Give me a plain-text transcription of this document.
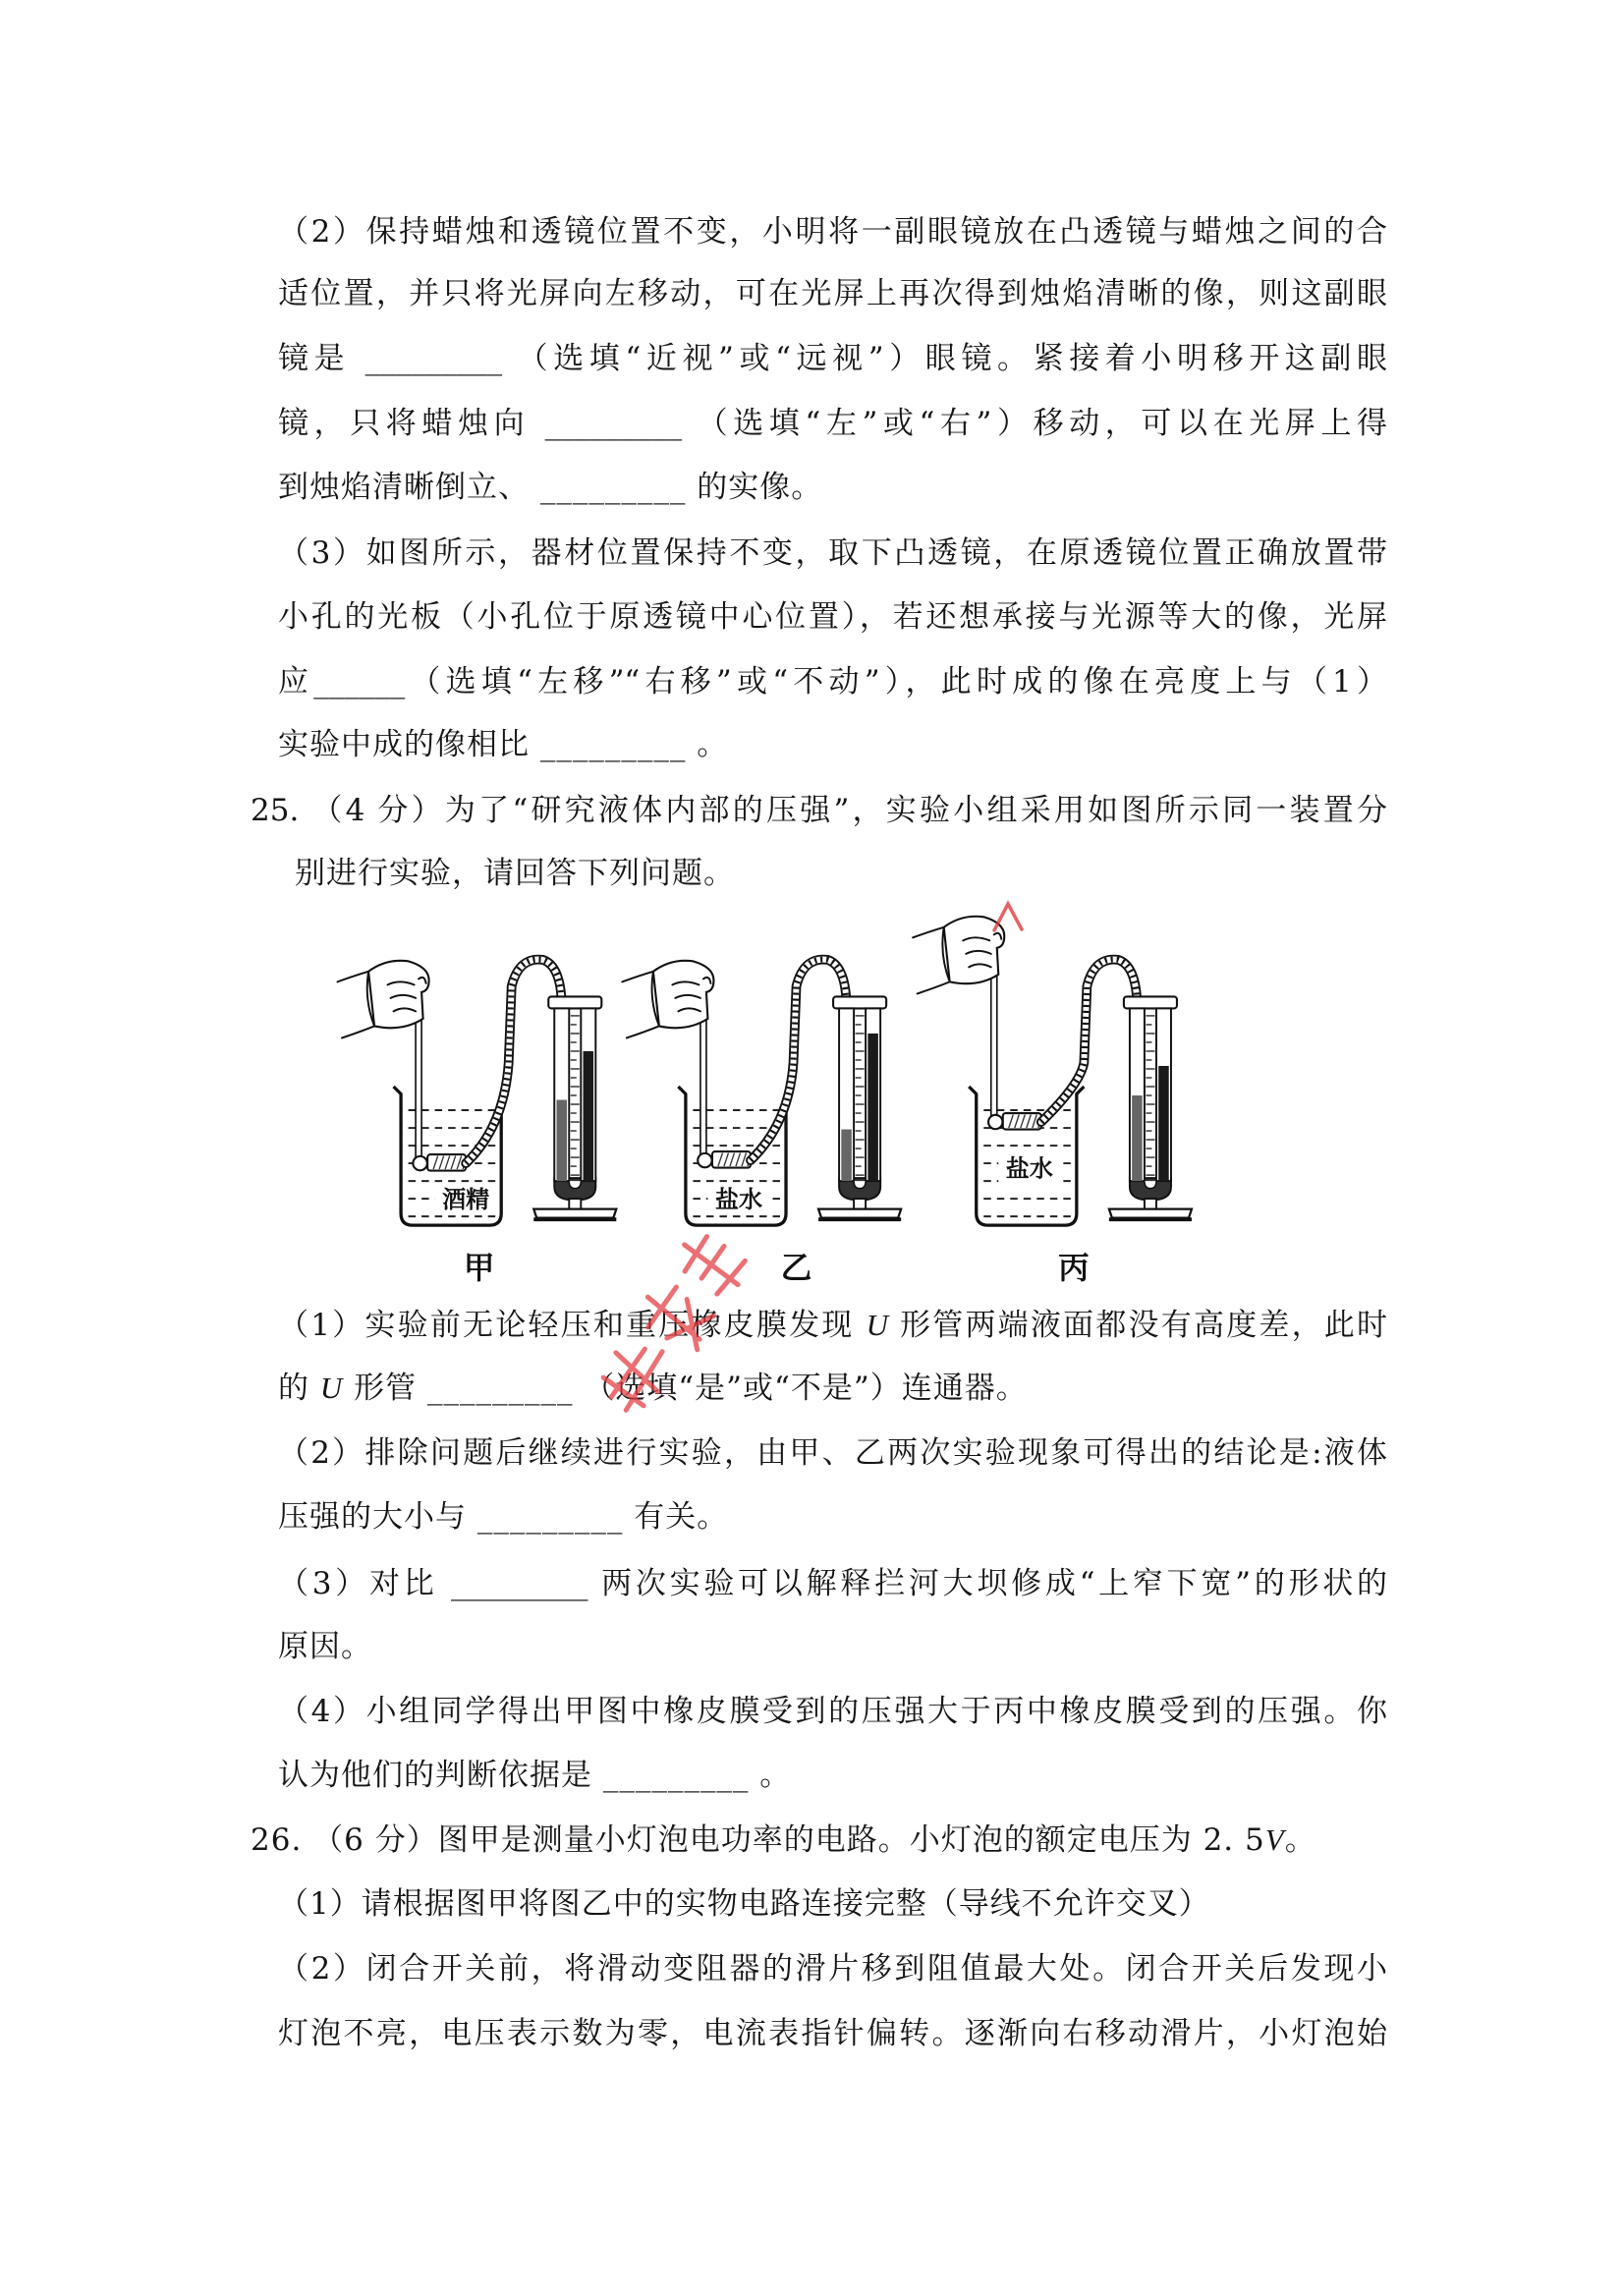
（2）保持蜡烛和透镜位置不变，小明将一副眼镜放在凸透镜与蜡烛之间的合
适位置，并只将光屏向左移动，可在光屏上再次得到烛焰清晰的像，则这副眼
镜是 _________ （选填“近视”或“远视”）眼镜。紧接着小明移开这副眼
镜，只将蜡烛向 _________ （选填“左”或“右”）移动，可以在光屏上得
到烛焰清晰倒立、 _________ 的实像。
（3）如图所示，器材位置保持不变，取下凸透镜，在原透镜位置正确放置带
小孔的光板（小孔位于原透镜中心位置），若还想承接与光源等大的像，光屏
应______（选填“左移”“右移”或“不动”），此时成的像在亮度上与（1）
实验中成的像相比 _________ 。
25. （4 分）为了“研究液体内部的压强”，实验小组采用如图所示同一装置分
别进行实验，请回答下列问题。
酒精
甲
盐水
乙
盐水
丙
（1）实验前无论轻压和重压橡皮膜发现 U 形管两端液面都没有高度差，此时
的 U 形管 _________ （选填“是”或“不是”）连通器。
（2）排除问题后继续进行实验，由甲、乙两次实验现象可得出的结论是:液体
压强的大小与 _________ 有关。
（3）对比 _________ 两次实验可以解释拦河大坝修成“上窄下宽”的形状的
原因。
（4）小组同学得出甲图中橡皮膜受到的压强大于丙中橡皮膜受到的压强。你
认为他们的判断依据是 _________ 。
26. （6 分）图甲是测量小灯泡电功率的电路。小灯泡的额定电压为 2. 5V。
（1）请根据图甲将图乙中的实物电路连接完整（导线不允许交叉）
（2）闭合开关前，将滑动变阻器的滑片移到阻值最大处。闭合开关后发现小
灯泡不亮，电压表示数为零，电流表指针偏转。逐渐向右移动滑片，小灯泡始
